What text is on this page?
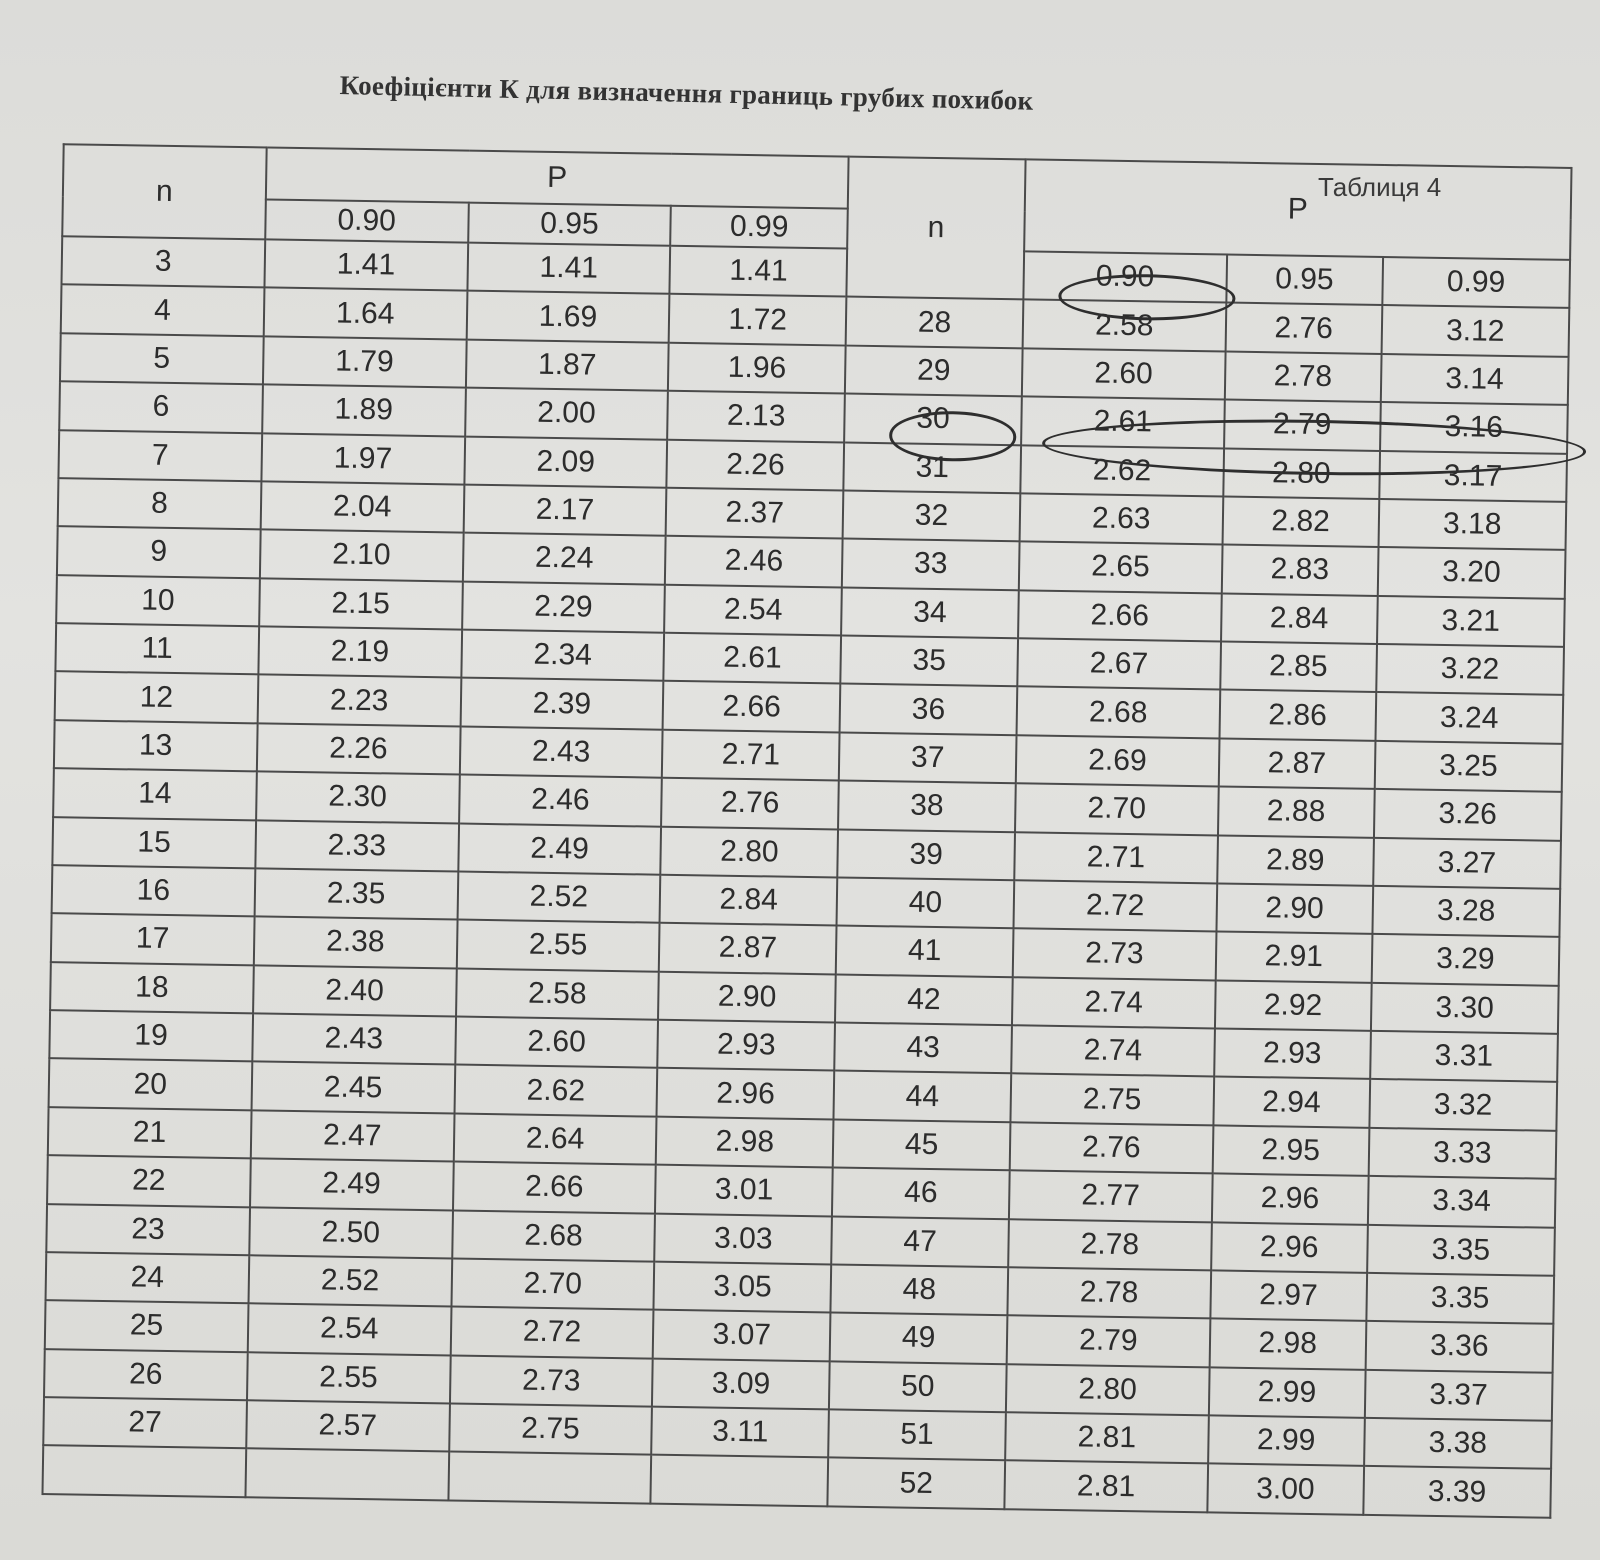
Коефіцієнти К для визначення границь грубих похибок
Таблиця 4
n	P			n	P		
	0.90	0.95	0.99				
3	1.41	1.41	1.41		0.90	0.95	0.99
4	1.64	1.69	1.72	28	2.58	2.76	3.12
5	1.79	1.87	1.96	29	2.60	2.78	3.14
6	1.89	2.00	2.13	30	2.61	2.79	3.16
7	1.97	2.09	2.26	31	2.62	2.80	3.17
8	2.04	2.17	2.37	32	2.63	2.82	3.18
9	2.10	2.24	2.46	33	2.65	2.83	3.20
10	2.15	2.29	2.54	34	2.66	2.84	3.21
11	2.19	2.34	2.61	35	2.67	2.85	3.22
12	2.23	2.39	2.66	36	2.68	2.86	3.24
13	2.26	2.43	2.71	37	2.69	2.87	3.25
14	2.30	2.46	2.76	38	2.70	2.88	3.26
15	2.33	2.49	2.80	39	2.71	2.89	3.27
16	2.35	2.52	2.84	40	2.72	2.90	3.28
17	2.38	2.55	2.87	41	2.73	2.91	3.29
18	2.40	2.58	2.90	42	2.74	2.92	3.30
19	2.43	2.60	2.93	43	2.74	2.93	3.31
20	2.45	2.62	2.96	44	2.75	2.94	3.32
21	2.47	2.64	2.98	45	2.76	2.95	3.33
22	2.49	2.66	3.01	46	2.77	2.96	3.34
23	2.50	2.68	3.03	47	2.78	2.96	3.35
24	2.52	2.70	3.05	48	2.78	2.97	3.35
25	2.54	2.72	3.07	49	2.79	2.98	3.36
26	2.55	2.73	3.09	50	2.80	2.99	3.37
27	2.57	2.75	3.11	51	2.81	2.99	3.38
				52	2.81	3.00	3.39
